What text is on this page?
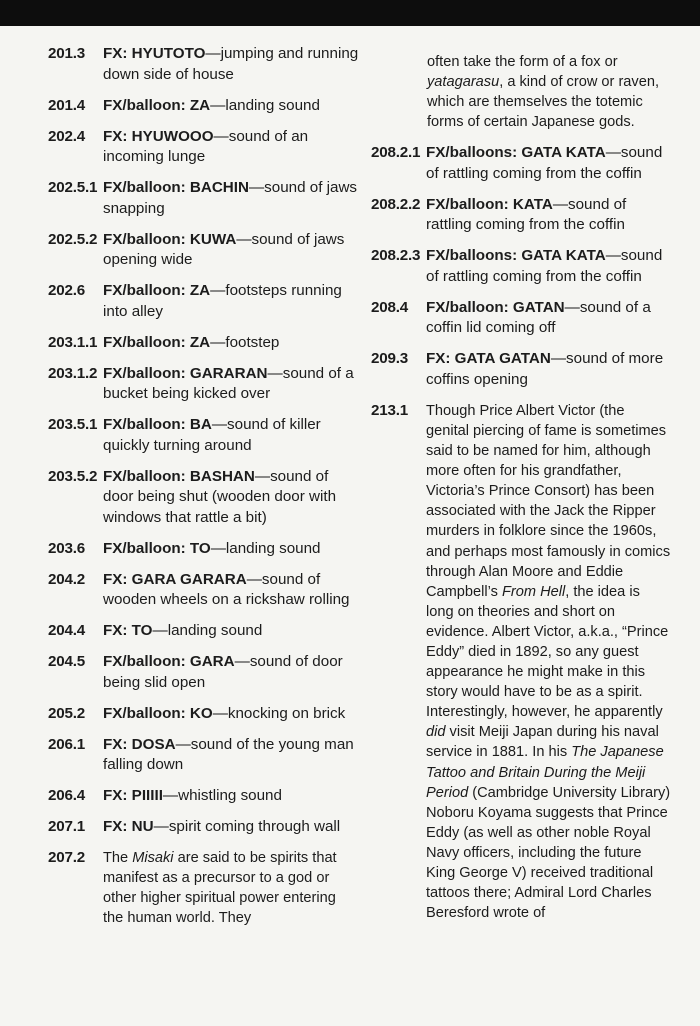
201.3 FX: HYUTOTO—jumping and running down side of house
201.4 FX/balloon: ZA—landing sound
202.4 FX: HYUWOOO—sound of an incoming lunge
202.5.1 FX/balloon: BACHIN—sound of jaws snapping
202.5.2 FX/balloon: KUWA—sound of jaws opening wide
202.6 FX/balloon: ZA—footsteps running into alley
203.1.1 FX/balloon: ZA—footstep
203.1.2 FX/balloon: GARARAN—sound of a bucket being kicked over
203.5.1 FX/balloon: BA—sound of killer quickly turning around
203.5.2 FX/balloon: BASHAN—sound of door being shut (wooden door with windows that rattle a bit)
203.6 FX/balloon: TO—landing sound
204.2 FX: GARA GARARA—sound of wooden wheels on a rickshaw rolling
204.4 FX: TO—landing sound
204.5 FX/balloon: GARA—sound of door being slid open
205.2 FX/balloon: KO—knocking on brick
206.1 FX: DOSA—sound of the young man falling down
206.4 FX: PIIIII—whistling sound
207.1 FX: NU—spirit coming through wall
207.2 The Misaki are said to be spirits that manifest as a precursor to a god or other higher spiritual power entering the human world. They
often take the form of a fox or yatagarasu, a kind of crow or raven, which are themselves the totemic forms of certain Japanese gods.
208.2.1 FX/balloons: GATA KATA—sound of rattling coming from the coffin
208.2.2 FX/balloon: KATA—sound of rattling coming from the coffin
208.2.3 FX/balloons: GATA KATA—sound of rattling coming from the coffin
208.4 FX/balloon: GATAN—sound of a coffin lid coming off
209.3 FX: GATA GATAN—sound of more coffins opening
213.1 Though Price Albert Victor (the genital piercing of fame is sometimes said to be named for him, although more often for his grandfather, Victoria’s Prince Consort) has been associated with the Jack the Ripper murders in folklore since the 1960s, and perhaps most famously in comics through Alan Moore and Eddie Campbell’s From Hell, the idea is long on theories and short on evidence. Albert Victor, a.k.a., “Prince Eddy” died in 1892, so any guest appearance he might make in this story would have to be as a spirit. Interestingly, however, he apparently did visit Meiji Japan during his naval service in 1881. In his The Japanese Tattoo and Britain During the Meiji Period (Cambridge University Library) Noboru Koyama suggests that Prince Eddy (as well as other noble Royal Navy officers, including the future King George V) received traditional tattoos there; Admiral Lord Charles Beresford wrote of
